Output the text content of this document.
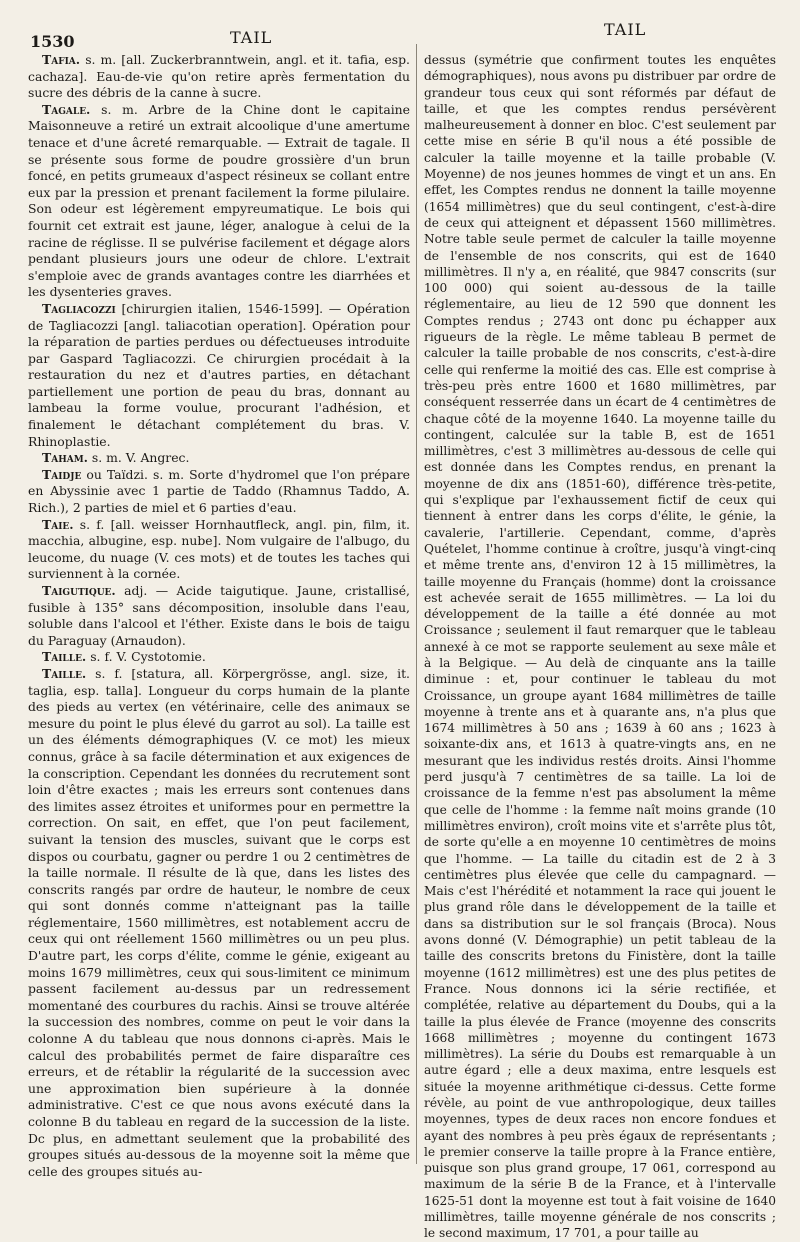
1530	TAIL	TAIL

Tafia. s. m. [all. Zuckerbranntwein, angl. et it. tafia, esp. cachaza]. Eau-de-vie qu'on retire après fermentation du sucre des débris de la canne à sucre.

Tagale. s. m. Arbre de la Chine dont le capitaine Maisonneuve a retiré un extrait alcoolique d'une amertume tenace et d'une âcreté remarquable. — Extrait de tagale. Il se présente sous forme de poudre grossière d'un brun foncé, en petits grumeaux d'aspect résineux se collant entre eux par la pression et prenant facilement la forme pilulaire. Son odeur est légèrement empyreumatique. Le bois qui fournit cet extrait est jaune, léger, analogue à celui de la racine de réglisse. Il se pulvérise facilement et dégage alors pendant plusieurs jours une odeur de chlore. L'extrait s'emploie avec de grands avantages contre les diarrhées et les dysenteries graves.

Tagliacozzi [chirurgien italien, 1546-1599]. — Opération de Tagliacozzi [angl. taliacotian operation]. Opération pour la réparation de parties perdues ou défectueuses introduite par Gaspard Tagliacozzi. Ce chirurgien procédait à la restauration du nez et d'autres parties, en détachant partiellement une portion de peau du bras, donnant au lambeau la forme voulue, procurant l'adhésion, et finalement le détachant complétement du bras. V. Rhinoplastie.

Taham. s. m. V. Angrec.

Taidje ou Taïdzi. s. m. Sorte d'hydromel que l'on prépare en Abyssinie avec 1 partie de Taddo (Rhamnus Taddo, A. Rich.), 2 parties de miel et 6 parties d'eau.

Taie. s. f. [all. weisser Hornhautfleck, angl. pin, film, it. macchia, albugine, esp. nube]. Nom vulgaire de l'albugo, du leucome, du nuage (V. ces mots) et de toutes les taches qui surviennent à la cornée.

Taigutique. adj. — Acide taigutique. Jaune, cristallisé, fusible à 135° sans décomposition, insoluble dans l'eau, soluble dans l'alcool et l'éther. Existe dans le bois de taigu du Paraguay (Arnaudon).

Taille. s. f. V. Cystotomie.

Taille. s. f. [statura, all. Körpergrösse, angl. size, it. taglia, esp. talla]. Longueur du corps humain de la plante des pieds au vertex (en vétérinaire, celle des animaux se mesure du point le plus élevé du garrot au sol). La taille est un des éléments démographiques (V. ce mot) les mieux connus, grâce à sa facile détermination et aux exigences de la conscription. Cependant les données du recrutement sont loin d'être exactes ; mais les erreurs sont contenues dans des limites assez étroites et uniformes pour en permettre la correction. On sait, en effet, que l'on peut facilement, suivant la tension des muscles, suivant que le corps est dispos ou courbatu, gagner ou perdre 1 ou 2 centimètres de la taille normale. Il résulte de là que, dans les listes des conscrits rangés par ordre de hauteur, le nombre de ceux qui sont donnés comme n'atteignant pas la taille réglementaire, 1560 millimètres, est notablement accru de ceux qui ont réellement 1560 millimètres ou un peu plus. D'autre part, les corps d'élite, comme le génie, exigeant au moins 1679 millimètres, ceux qui sous-limitent ce minimum passent facilement au-dessus par un redressement momentané des courbures du rachis. Ainsi se trouve altérée la succession des nombres, comme on peut le voir dans la colonne A du tableau que nous donnons ci-après. Mais le calcul des probabilités permet de faire disparaître ces erreurs, et de rétablir la régularité de la succession avec une approximation bien supérieure à la donnée administrative. C'est ce que nous avons exécuté dans la colonne B du tableau en regard de la succession de la liste. Dc plus, en admettant seulement que la probabilité des groupes situés au-dessous de la moyenne soit la même que celle des groupes situés au-

dessus (symétrie que confirment toutes les enquêtes démographiques), nous avons pu distribuer par ordre de grandeur tous ceux qui sont réformés par défaut de taille, et que les comptes rendus persévèrent malheureusement à donner en bloc. C'est seulement par cette mise en série B qu'il nous a été possible de calculer la taille moyenne et la taille probable (V. Moyenne) de nos jeunes hommes de vingt et un ans. En effet, les Comptes rendus ne donnent la taille moyenne (1654 millimètres) que du seul contingent, c'est-à-dire de ceux qui atteignent et dépassent 1560 millimètres. Notre table seule permet de calculer la taille moyenne de l'ensemble de nos conscrits, qui est de 1640 millimètres. Il n'y a, en réalité, que 9847 conscrits (sur 100 000) qui soient au-dessous de la taille réglementaire, au lieu de 12 590 que donnent les Comptes rendus ; 2743 ont donc pu échapper aux rigueurs de la règle. Le même tableau B permet de calculer la taille probable de nos conscrits, c'est-à-dire celle qui renferme la moitié des cas. Elle est comprise à très-peu près entre 1600 et 1680 millimètres, par conséquent resserrée dans un écart de 4 centimètres de chaque côté de la moyenne 1640. La moyenne taille du contingent, calculée sur la table B, est de 1651 millimètres, c'est 3 millimètres au-dessous de celle qui est donnée dans les Comptes rendus, en prenant la moyenne de dix ans (1851-60), différence très-petite, qui s'explique par l'exhaussement fictif de ceux qui tiennent à entrer dans les corps d'élite, le génie, la cavalerie, l'artillerie. Cependant, comme, d'après Quételet, l'homme continue à croître, jusqu'à vingt-cinq et même trente ans, d'environ 12 à 15 millimètres, la taille moyenne du Français (homme) dont la croissance est achevée serait de 1655 millimètres. — La loi du développement de la taille a été donnée au mot Croissance ; seulement il faut remarquer que le tableau annexé à ce mot se rapporte seulement au sexe mâle et à la Belgique. — Au delà de cinquante ans la taille diminue : et, pour continuer le tableau du mot Croissance, un groupe ayant 1684 millimètres de taille moyenne à trente ans et à quarante ans, n'a plus que 1674 millimètres à 50 ans ; 1639 à 60 ans ; 1623 à soixante-dix ans, et 1613 à quatre-vingts ans, en ne mesurant que les individus restés droits. Ainsi l'homme perd jusqu'à 7 centimètres de sa taille. La loi de croissance de la femme n'est pas absolument la même que celle de l'homme : la femme naît moins grande (10 millimètres environ), croît moins vite et s'arrête plus tôt, de sorte qu'elle a en moyenne 10 centimètres de moins que l'homme. — La taille du citadin est de 2 à 3 centimètres plus élevée que celle du campagnard. — Mais c'est l'hérédité et notamment la race qui jouent le plus grand rôle dans le développement de la taille et dans sa distribution sur le sol français (Broca). Nous avons donné (V. Démographie) un petit tableau de la taille des conscrits bretons du Finistère, dont la taille moyenne (1612 millimètres) est une des plus petites de France. Nous donnons ici la série rectifiée, et complétée, relative au département du Doubs, qui a la taille la plus élevée de France (moyenne des conscrits 1668 millimètres ; moyenne du contingent 1673 millimètres). La série du Doubs est remarquable à un autre égard ; elle a deux maxima, entre lesquels est située la moyenne arithmétique ci-dessus. Cette forme révèle, au point de vue anthropologique, deux tailles moyennes, types de deux races non encore fondues et ayant des nombres à peu près égaux de représentants ; le premier conserve la taille propre à la France entière, puisque son plus grand groupe, 17 061, correspond au maximum de la série B de la France, et à l'intervalle 1625-51 dont la moyenne est tout à fait voisine de 1640 millimètres, taille moyenne générale de nos conscrits ; le second maximum, 17 701, a pour taille au
